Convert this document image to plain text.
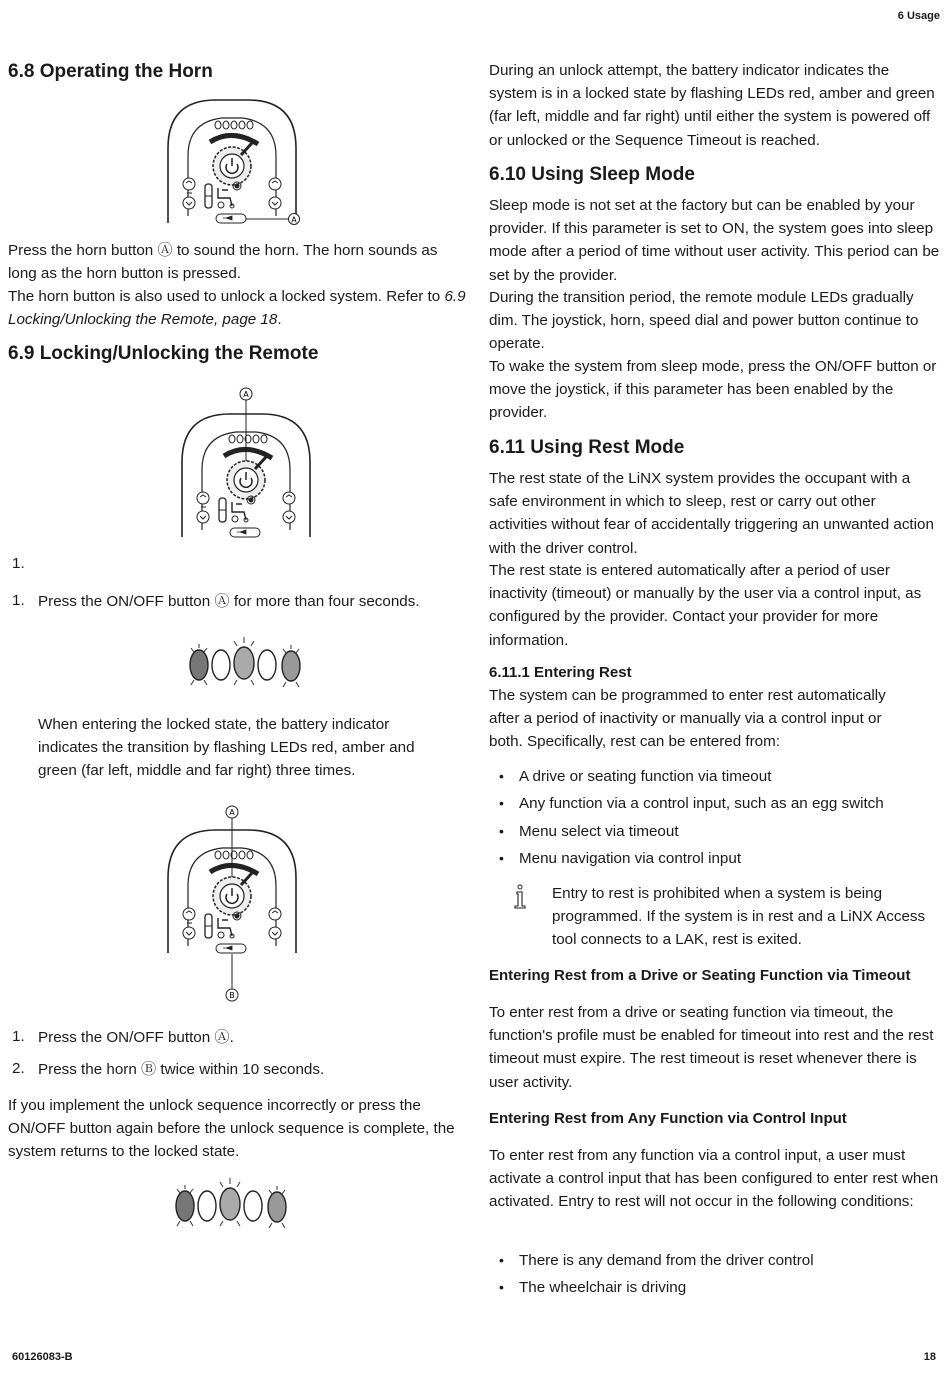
6 Usage
6.8 Operating the Horn
A

Press the horn button Ⓐ to sound the horn. The horn sounds as long as the horn button is pressed.

The horn button is also used to unlock a locked system. Refer to 6.9 Locking/Unlocking the Remote, page 18.

6.9 Locking/Unlocking the Remote
A
1.
1. Press the ON/OFF button Ⓐ for more than four seconds.

When entering the locked state, the battery indicator indicates the transition by flashing LEDs red, amber and green (far left, middle and far right) three times.

A
B
1. Press the ON/OFF button Ⓐ.

2. Press the horn Ⓑ twice within 10 seconds.

If you implement the unlock sequence incorrectly or press the ON/OFF button again before the unlock sequence is complete, the system returns to the locked state.

60126083-B	18

During an unlock attempt, the battery indicator indicates the system is in a locked state by flashing LEDs red, amber and green (far left, middle and far right) until either the system is powered off or unlocked or the Sequence Timeout is reached.

6.10 Using Sleep Mode

Sleep mode is not set at the factory but can be enabled by your provider. If this parameter is set to ON, the system goes into sleep mode after a period of time without user activity. This period can be set by the provider.

During the transition period, the remote module LEDs gradually dim. The joystick, horn, speed dial and power button continue to operate.

To wake the system from sleep mode, press the ON/OFF button or move the joystick, if this parameter has been enabled by the provider.

6.11 Using Rest Mode

The rest state of the LiNX system provides the occupant with a safe environment in which to sleep, rest or carry out other activities without fear of accidentally triggering an unwanted action with the driver control.

The rest state is entered automatically after a period of user inactivity (timeout) or manually by the user via a control input, as configured by the provider. Contact your provider for more information.

6.11.1 Entering Rest

The system can be programmed to enter rest automatically after a period of inactivity or manually via a control input or both. Specifically, rest can be entered from:

• A drive or seating function via timeout
• Any function via a control input, such as an egg switch
• Menu select via timeout
• Menu navigation via control input

Entry to rest is prohibited when a system is being programmed. If the system is in rest and a LiNX Access tool connects to a LAK, rest is exited.

Entering Rest from a Drive or Seating Function via Timeout

To enter rest from a drive or seating function via timeout, the function's profile must be enabled for timeout into rest and the rest timeout must expire. The rest timeout is reset whenever there is user activity.

Entering Rest from Any Function via Control Input

To enter rest from any function via a control input, a user must activate a control input that has been configured to enter rest when activated. Entry to rest will not occur in the following conditions:

• There is any demand from the driver control
• The wheelchair is driving
